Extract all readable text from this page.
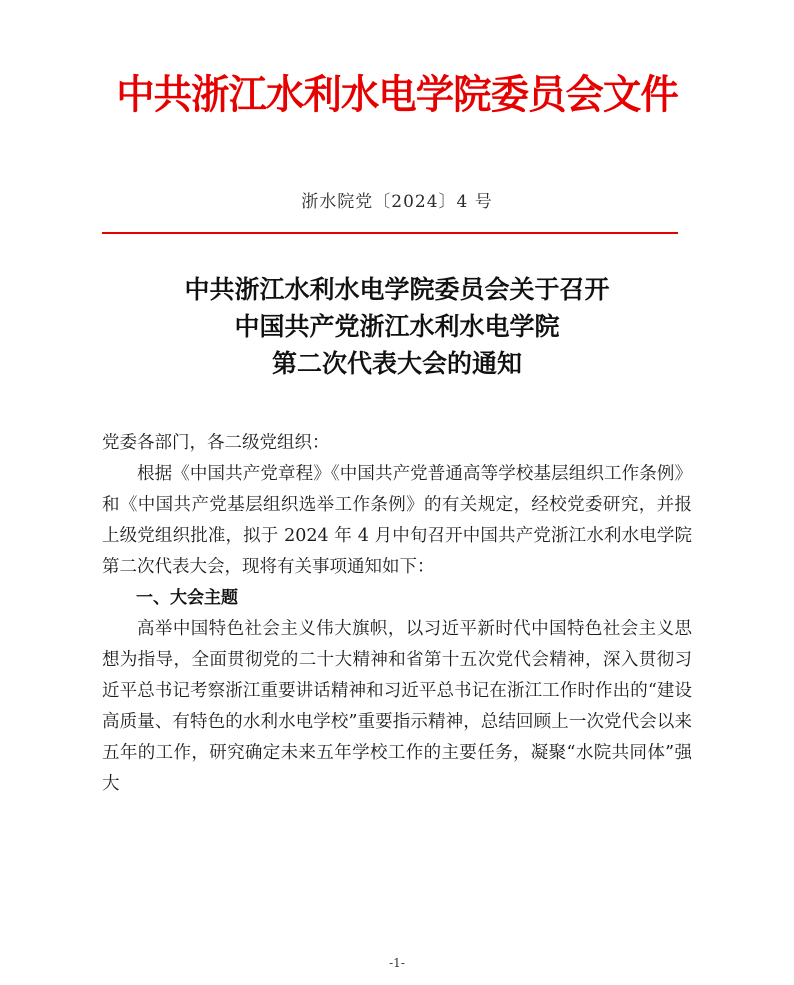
中共浙江水利水电学院委员会文件
浙水院党〔2024〕4 号
中共浙江水利水电学院委员会关于召开
中国共产党浙江水利水电学院
第二次代表大会的通知

党委各部门，各二级党组织：

根据《中国共产党章程》《中国共产党普通高等学校基层组织工作条例》和《中国共产党基层组织选举工作条例》的有关规定，经校党委研究，并报上级党组织批准，拟于 2024 年 4 月中旬召开中国共产党浙江水利水电学院第二次代表大会，现将有关事项通知如下：

一、大会主题

高举中国特色社会主义伟大旗帜，以习近平新时代中国特色社会主义思想为指导，全面贯彻党的二十大精神和省第十五次党代会精神，深入贯彻习近平总书记考察浙江重要讲话精神和习近平总书记在浙江工作时作出的“建设高质量、有特色的水利水电学校”重要指示精神，总结回顾上一次党代会以来五年的工作，研究确定未来五年学校工作的主要任务，凝聚“水院共同体”强大

-1-
